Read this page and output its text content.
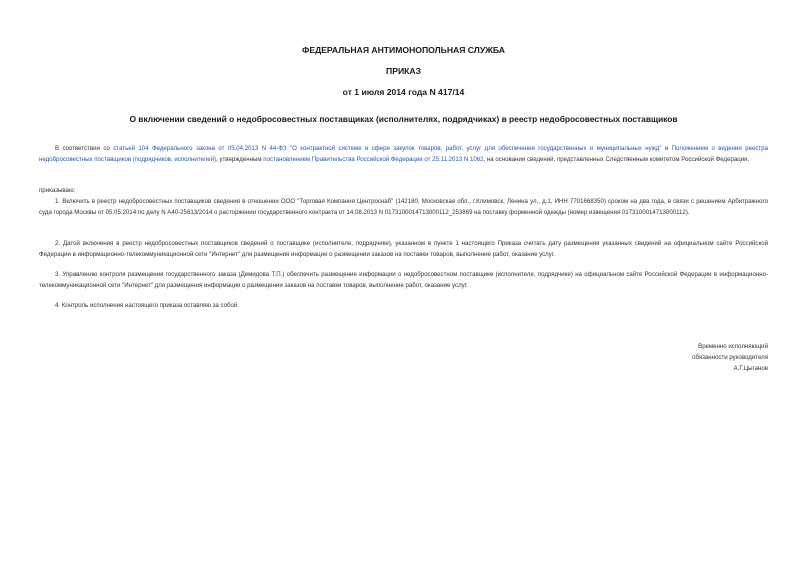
ФЕДЕРАЛЬНАЯ АНТИМОНОПОЛЬНАЯ СЛУЖБА
ПРИКАЗ
от 1 июля 2014 года N 417/14
О включении сведений о недобросовестных поставщиках (исполнителях, подрядчиках) в реестр недобросовестных поставщиков
В соответствии со статьей 104 Федерального закона от 05.04.2013 N 44-ФЗ "О контрактной системе в сфере закупок товаров, работ, услуг для обеспечения государственных и муниципальных нужд" и Положением о ведении реестра недобросовестных поставщиков (подрядчиков, исполнителей), утвержденным постановлением Правительства Российской Федерации от 25.11.2013 N 1062, на основании сведений, представленных Следственным комитетом Российской Федерации,
приказываю:
1. Включить в реестр недобросовестных поставщиков сведения в отношении ООО "Торговая Компания Центроснаб" (142180, Московская обл., г.Климовск, Ленина ул., д.1, ИНН 7701668350) сроком на два года, в связи с решением Арбитражного суда города Москвы от 05.05.2014 по делу N А40-25613/2014 о расторжении государственного контракта от 14.08.2013 N 0173100014713000112_253869 на поставку форменной одежды (номер извещения 0173100014713000112).
2. Датой включения в реестр недобросовестных поставщиков сведений о поставщике (исполнителе, подрядчике), указанном в пункте 1 настоящего Приказа считать дату размещения указанных сведений на официальном сайте Российской Федерации в информационно-телекоммуникационной сети "Интернет" для размещения информации о размещении заказов на поставки товаров, выполнение работ, оказание услуг.
3. Управлению контроля размещения государственного заказа (Демидова Т.П.) обеспечить размещение информации о недобросовестном поставщике (исполнителе, подрядчике) на официальном сайте Российской Федерации в информационно-телекоммуникационной сети "Интернет" для размещения информации о размещении заказов на поставки товаров, выполнение работ, оказание услуг.
4. Контроль исполнения настоящего приказа оставляю за собой.
Временно исполняющий
обязанности руководителя
А.Г.Цыганов
